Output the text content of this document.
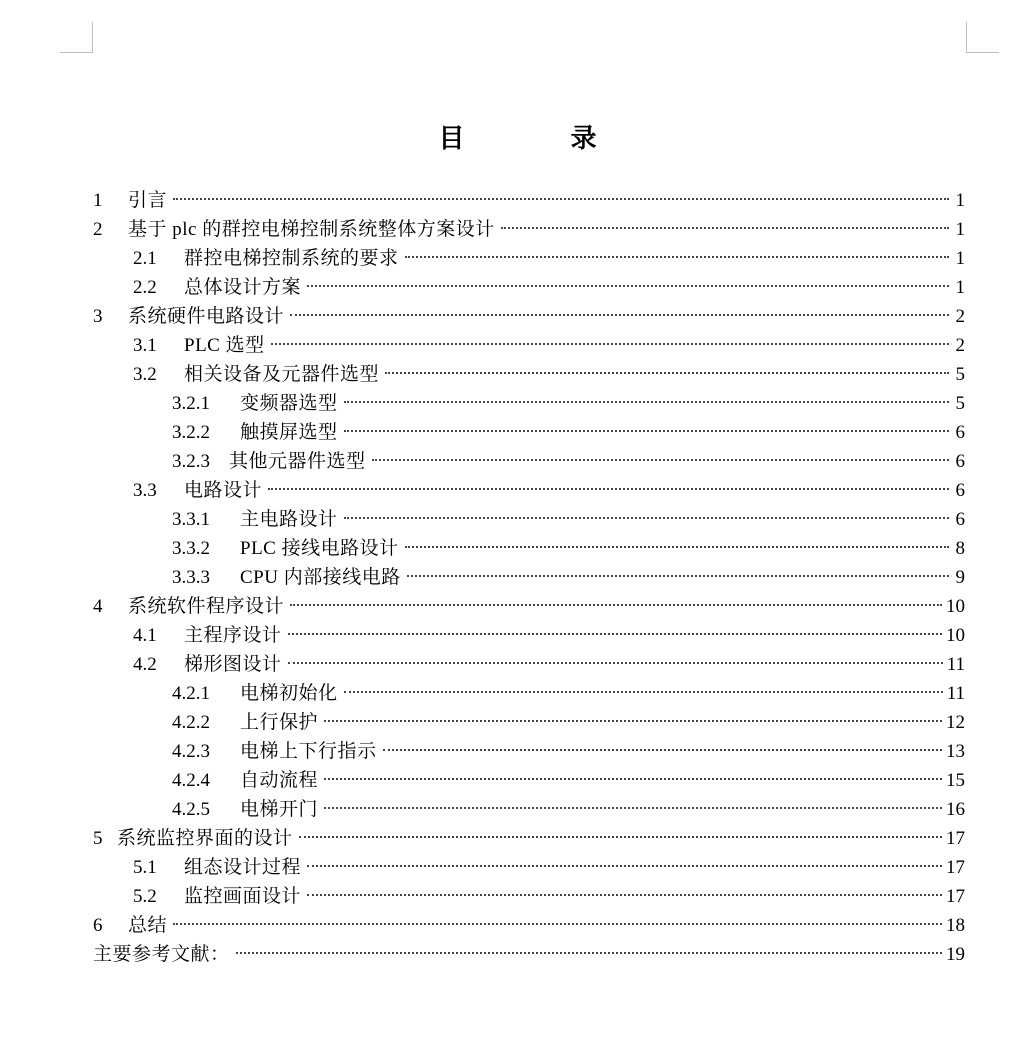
目　录
1	引言	1
2	基于 plc 的群控电梯控制系统整体方案设计	1
2.1	群控电梯控制系统的要求	1
2.2	总体设计方案	1
3	系统硬件电路设计	2
3.1	PLC 选型	2
3.2	相关设备及元器件选型	5
3.2.1	变频器选型	5
3.2.2	触摸屏选型	6
3.2.3	其他元器件选型	6
3.3	电路设计	6
3.3.1	主电路设计	6
3.3.2	PLC 接线电路设计	8
3.3.3	CPU 内部接线电路	9
4	系统软件程序设计	10
4.1	主程序设计	10
4.2	梯形图设计	11
4.2.1	电梯初始化	11
4.2.2	上行保护	12
4.2.3	电梯上下行指示	13
4.2.4	自动流程	15
4.2.5	电梯开门	16
5 系统监控界面的设计	17
5.1	组态设计过程	17
5.2	监控画面设计	17
6	总结	18
主要参考文献：	19
